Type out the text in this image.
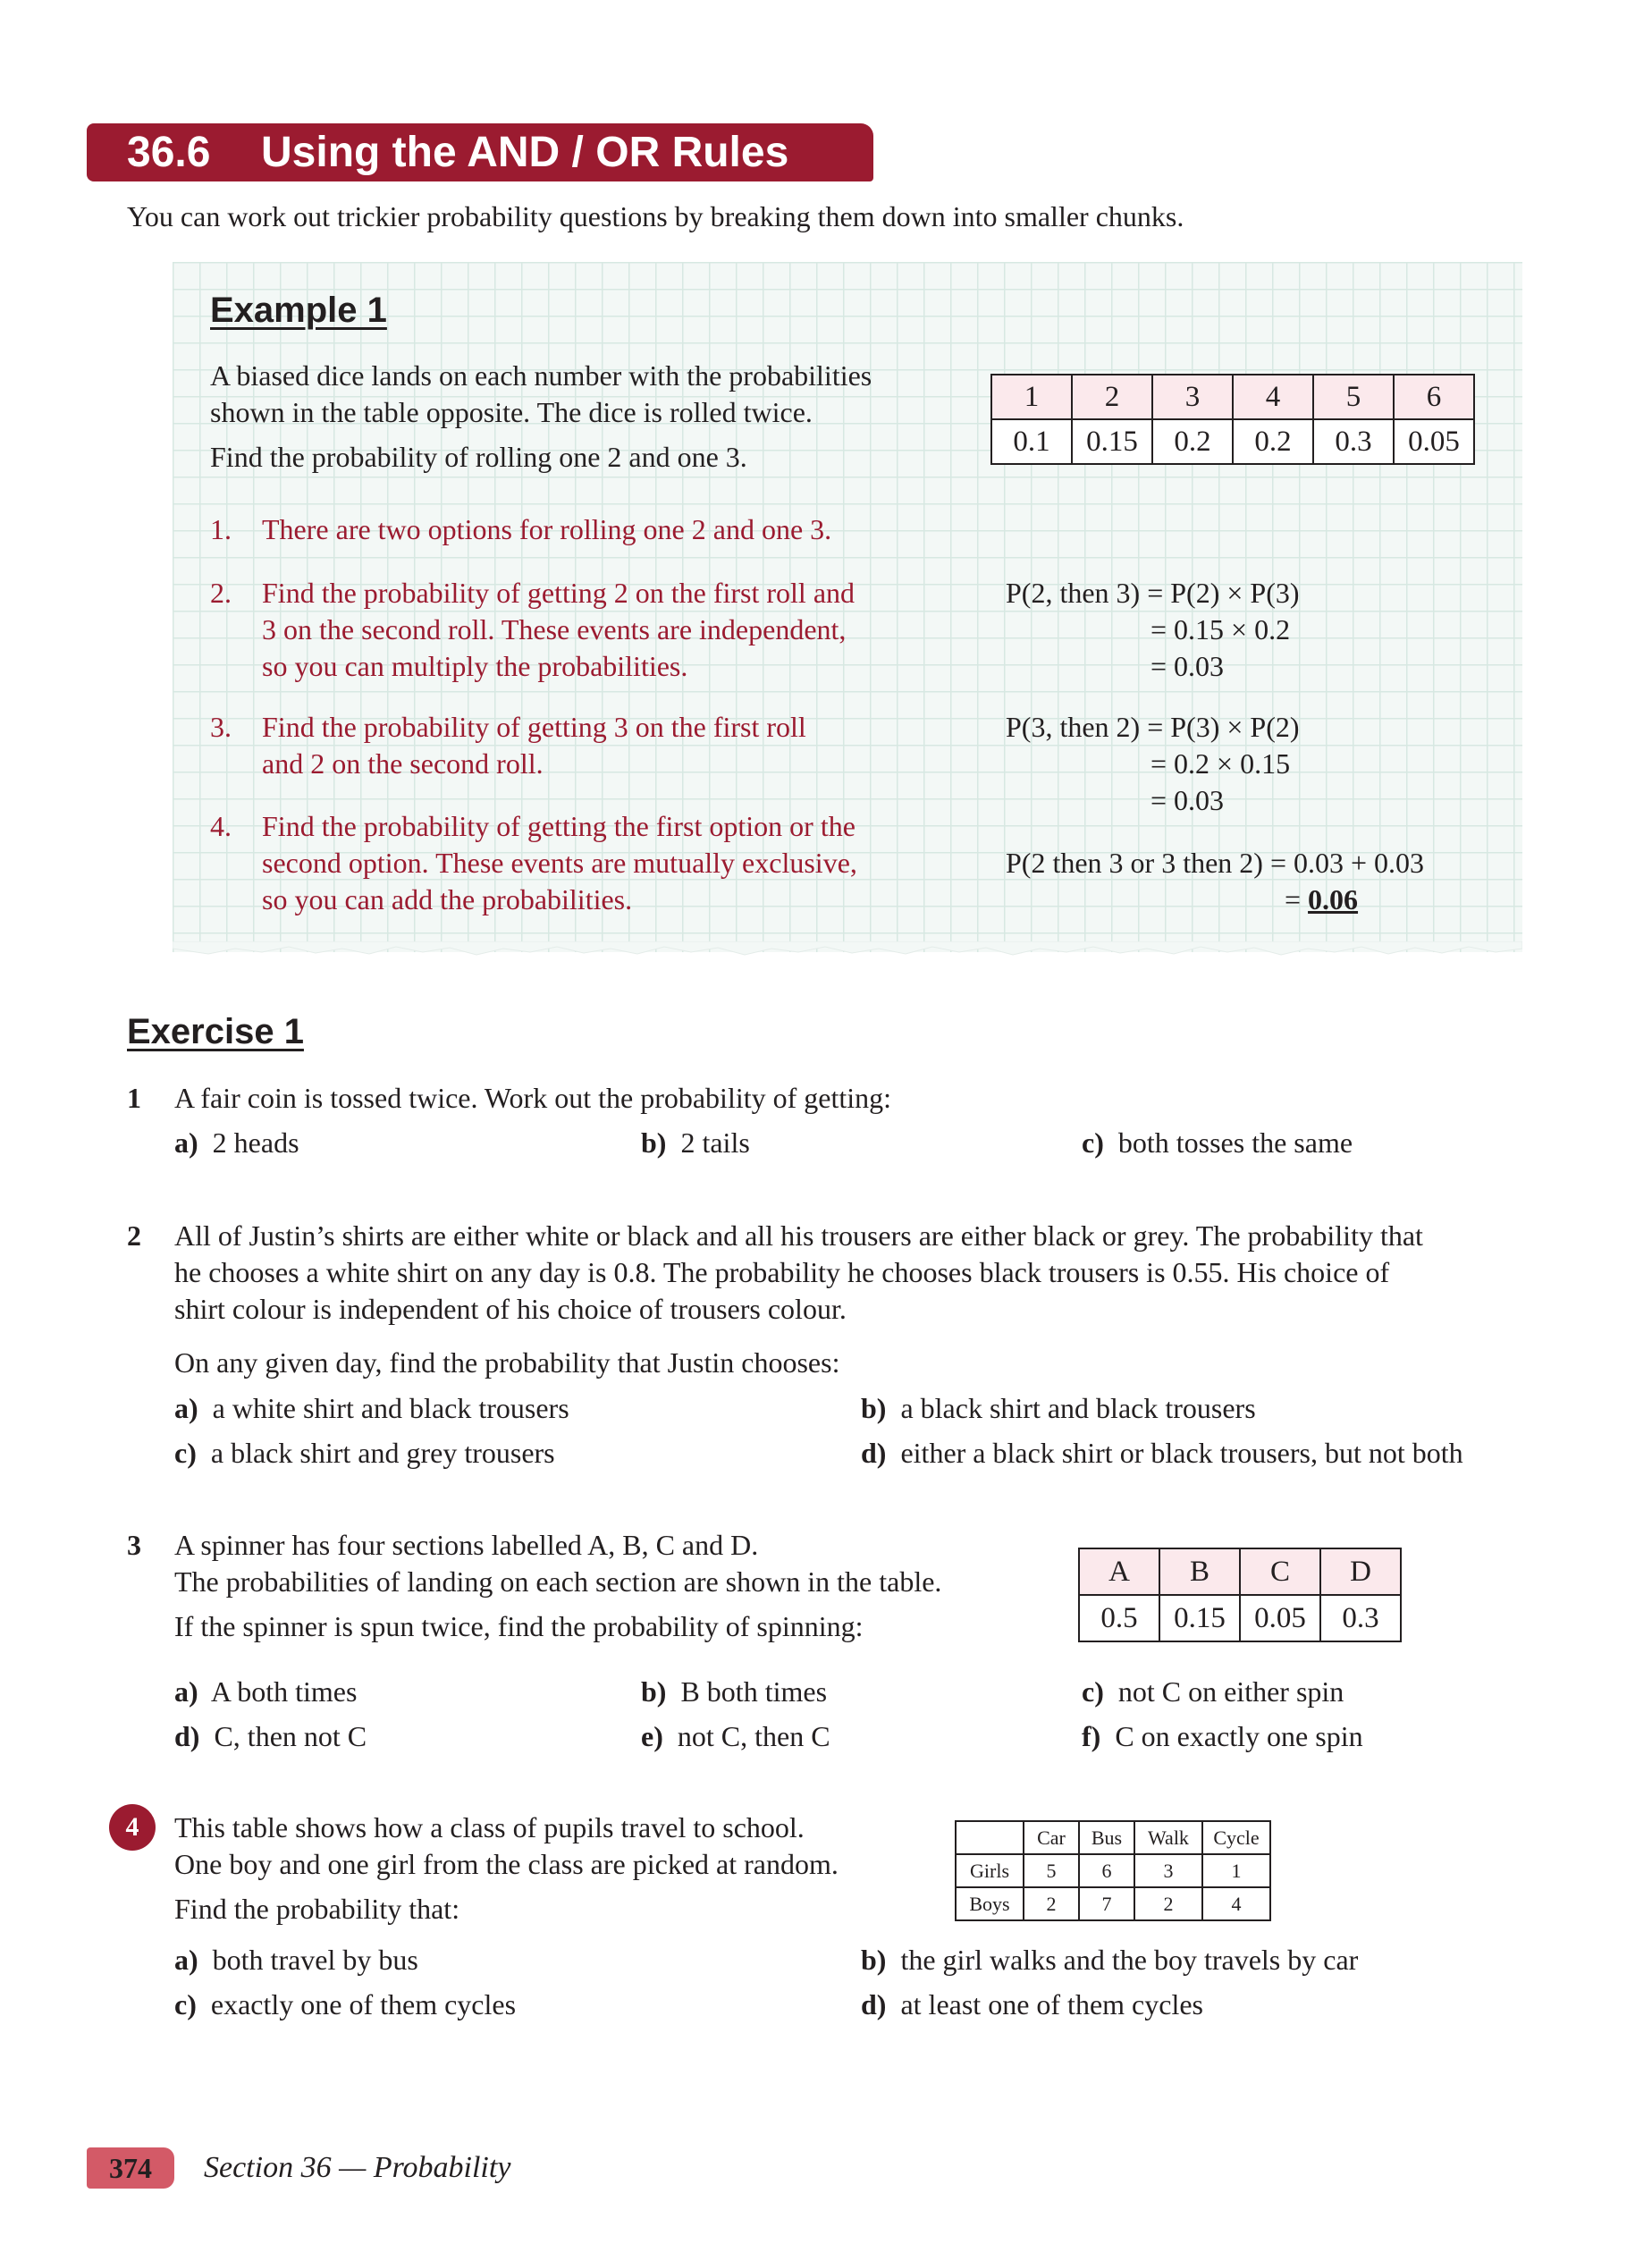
36.6 Using the AND / OR Rules
You can work out trickier probability questions by breaking them down into smaller chunks.
Example 1
A biased dice lands on each number with the probabilities
shown in the table opposite. The dice is rolled twice.
Find the probability of rolling one 2 and one 3.
1	2	3	4	5	6
0.1	0.15	0.2	0.2	0.3	0.05
1. There are two options for rolling one 2 and one 3.
2. Find the probability of getting 2 on the first roll and
3 on the second roll. These events are independent,
so you can multiply the probabilities.
P(2, then 3) = P(2) × P(3)
= 0.15 × 0.2
= 0.03
3. Find the probability of getting 3 on the first roll
and 2 on the second roll.
P(3, then 2) = P(3) × P(2)
= 0.2 × 0.15
= 0.03
4. Find the probability of getting the first option or the
second option. These events are mutually exclusive,
so you can add the probabilities.
P(2 then 3 or 3 then 2) = 0.03 + 0.03
= 0.06
Exercise 1
1 A fair coin is tossed twice. Work out the probability of getting:
a) 2 heads	b) 2 tails	c) both tosses the same
2 All of Justin’s shirts are either white or black and all his trousers are either black or grey. The probability that
he chooses a white shirt on any day is 0.8. The probability he chooses black trousers is 0.55. His choice of
shirt colour is independent of his choice of trousers colour.
On any given day, find the probability that Justin chooses:
a) a white shirt and black trousers	b) a black shirt and black trousers
c) a black shirt and grey trousers	d) either a black shirt or black trousers, but not both
3 A spinner has four sections labelled A, B, C and D.
The probabilities of landing on each section are shown in the table.
If the spinner is spun twice, find the probability of spinning:
A	B	C	D
0.5	0.15	0.05	0.3
a) A both times	b) B both times	c) not C on either spin
d) C, then not C	e) not C, then C	f) C on exactly one spin
4	This table shows how a class of pupils travel to school.
One boy and one girl from the class are picked at random.
Find the probability that:
	Car	Bus	Walk	Cycle
Girls	5	6	3	1
Boys	2	7	2	4
a) both travel by bus	b) the girl walks and the boy travels by car
c) exactly one of them cycles	d) at least one of them cycles
374	Section 36 — Probability
